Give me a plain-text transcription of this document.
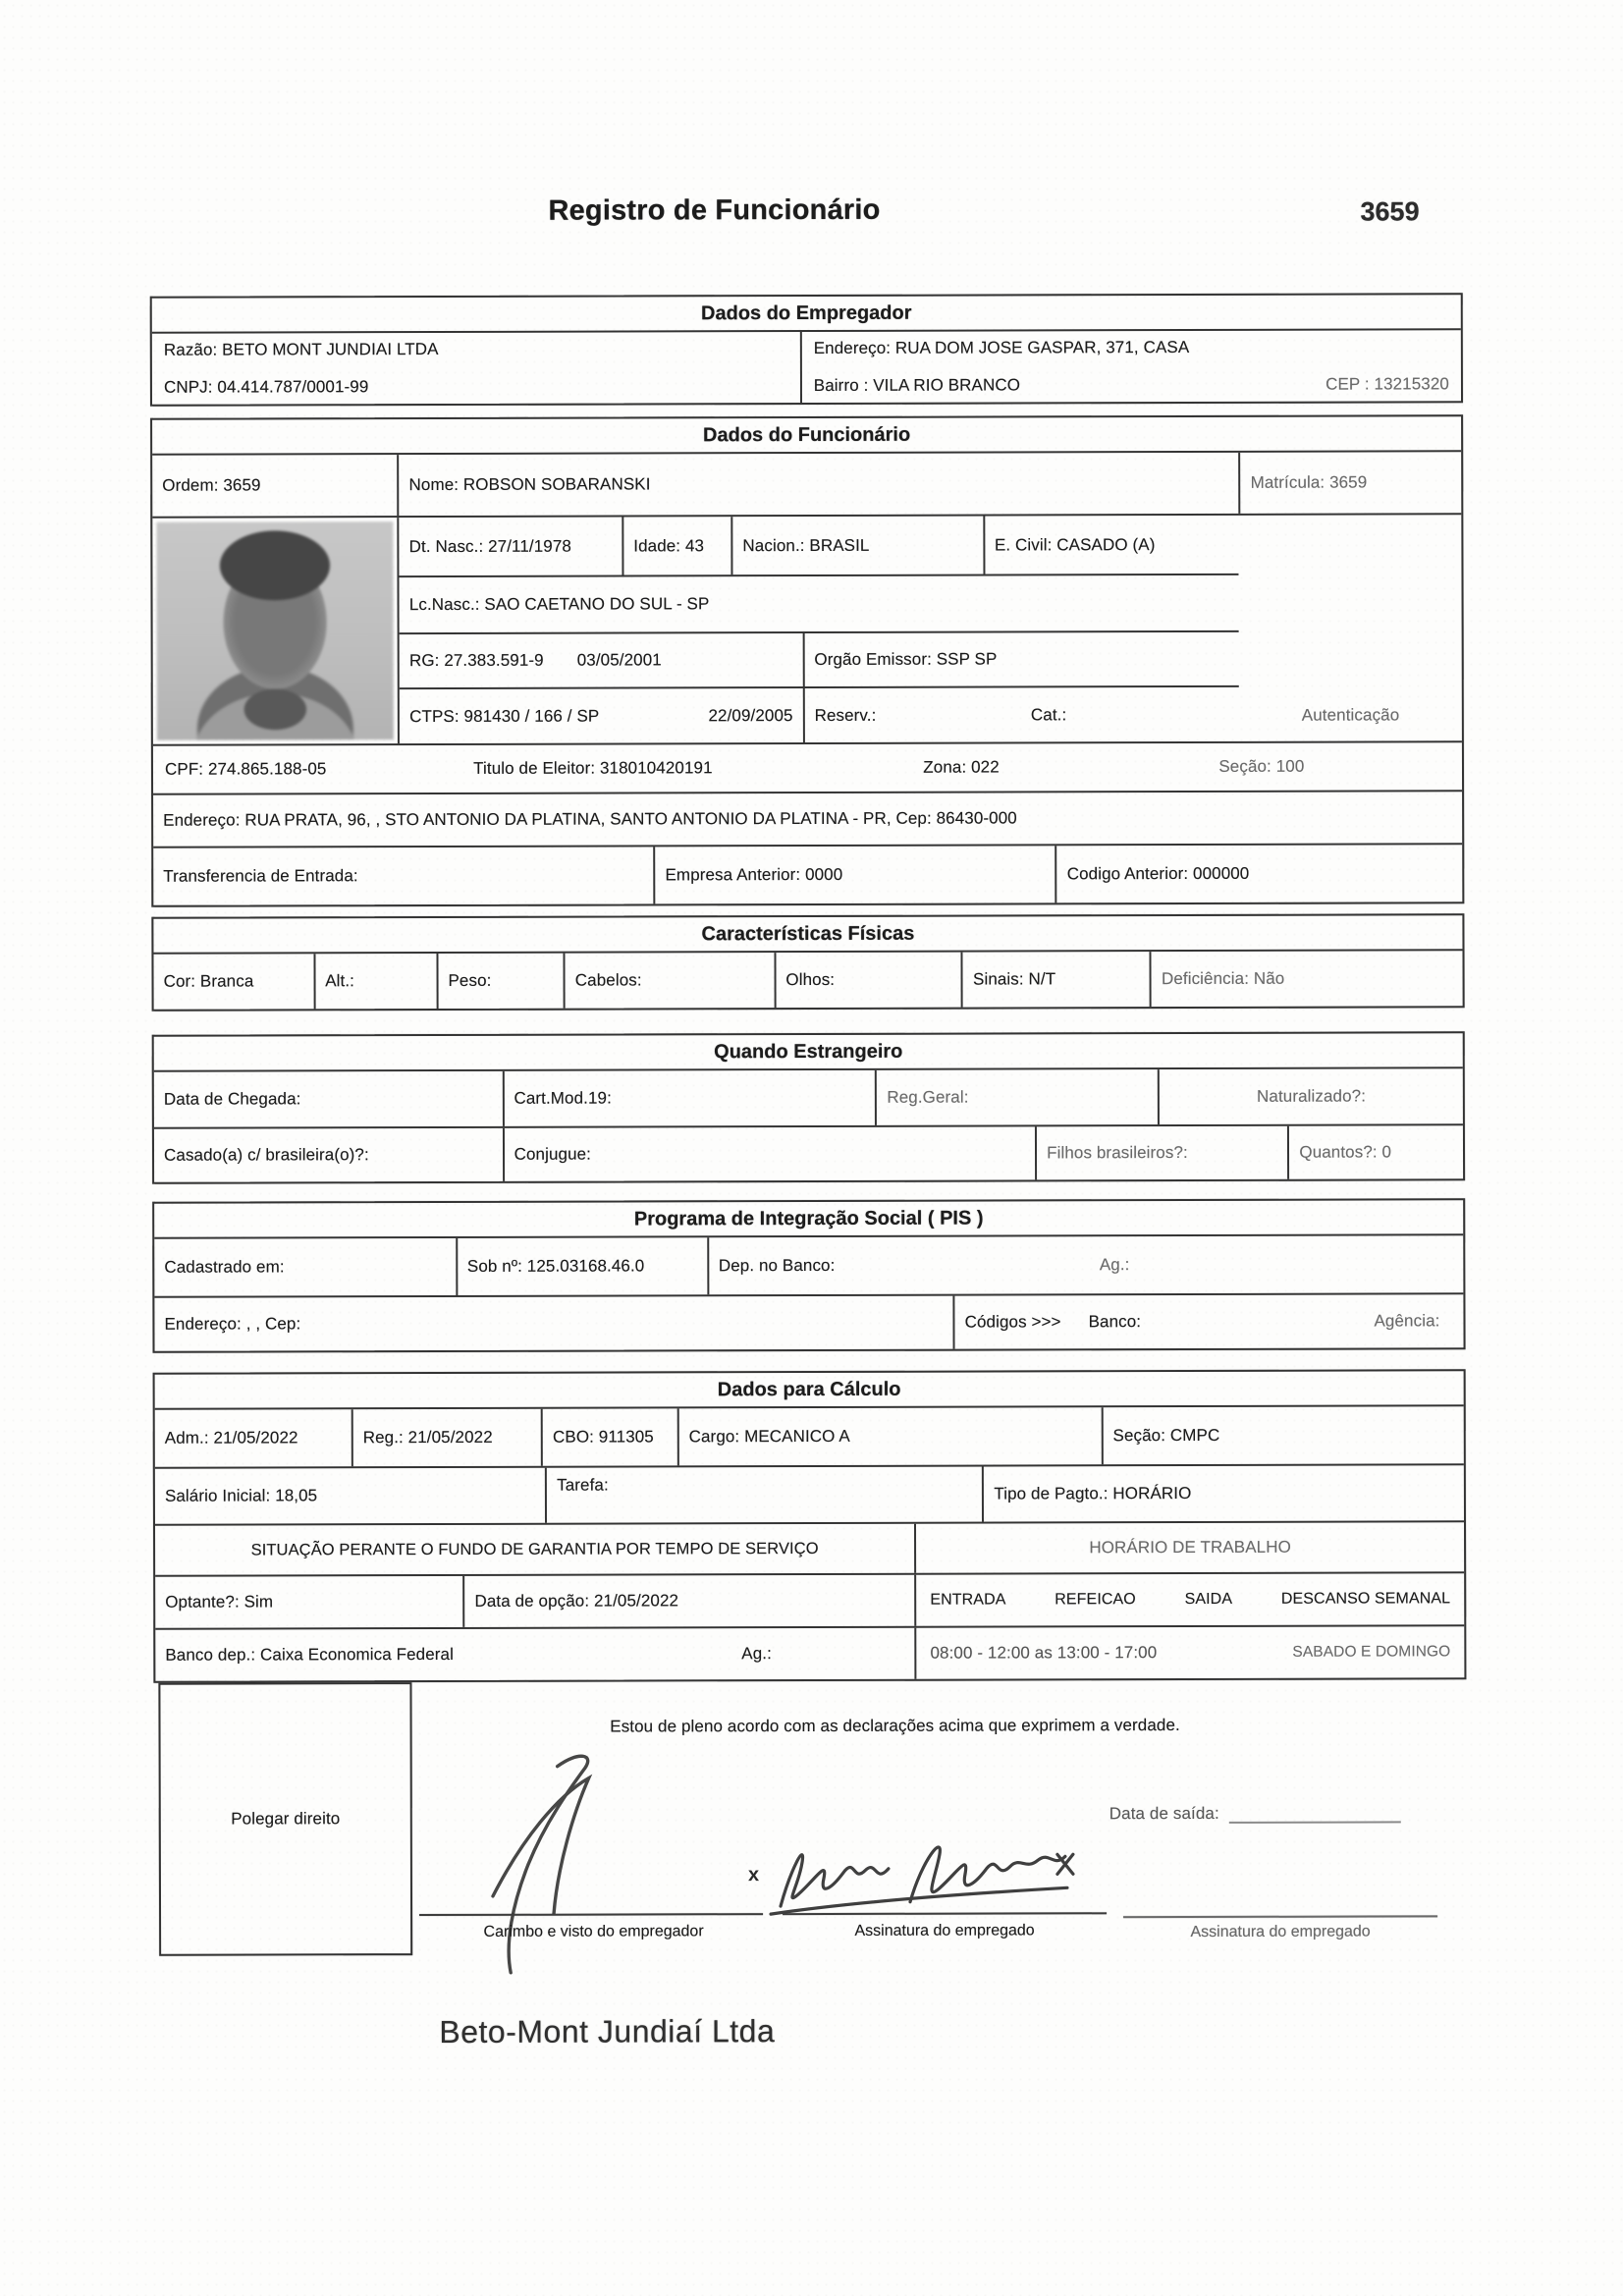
Registro de Funcionário	3659
Dados do Empregador
Razão: BETO MONT JUNDIAI LTDA
CNPJ: 04.414.787/0001-99
Endereço: RUA DOM JOSE GASPAR, 371, CASA
Bairro : VILA RIO BRANCO	CEP : 13215320
Dados do Funcionário
Ordem: 3659	Nome: ROBSON SOBARANSKI	Matrícula: 3659
Dt. Nasc.: 27/11/1978	Idade: 43 Nacion.: BRASIL	E. Civil: CASADO (A)
Lc.Nasc.: SAO CAETANO DO SUL - SP
RG: 27.383.591-9 03/05/2001	Orgão Emissor: SSP SP
CTPS: 981430 / 166 / SP	22/09/2005 Reserv.:	Cat.:	Autenticação
CPF: 274.865.188-05	Titulo de Eleitor: 318010420191	Zona: 022	Seção: 100
Endereço: RUA PRATA, 96, , STO ANTONIO DA PLATINA, SANTO ANTONIO DA PLATINA - PR, Cep: 86430-000
Transferencia de Entrada:	Empresa Anterior: 0000	Codigo Anterior: 000000
Características Físicas
Cor: Branca	Alt.:	Peso:	Cabelos:	Olhos:	Sinais: N/T	Deficiência: Não
Quando Estrangeiro
Data de Chegada:	Cart.Mod.19:	Reg.Geral:	Naturalizado?:
Casado(a) c/ brasileira(o)?:	Conjugue:	Filhos brasileiros?:	Quantos?: 0
Programa de Integração Social ( PIS )
Cadastrado em:	Sob nº: 125.03168.46.0	Dep. no Banco:	Ag.:
Endereço: , , Cep:	Códigos >>> Banco:	Agência:
Dados para Cálculo
Adm.: 21/05/2022	Reg.: 21/05/2022	CBO: 911305 Cargo: MECANICO A	Seção: CMPC
Salário Inicial: 18,05
Tarefa:	Tipo de Pagto.: HORÁRIO
SITUAÇÃO PERANTE O FUNDO DE GARANTIA POR TEMPO DE SERVIÇO	HORÁRIO DE TRABALHO
Optante?: Sim	Data de opção: 21/05/2022	ENTRADA	REFEICAO	SAIDA	DESCANSO SEMANAL
Banco dep.: Caixa Economica Federal	Ag.:	08:00 - 12:00 as 13:00 - 17:00	SABADO E DOMINGO
Polegar direito
Estou de pleno acordo com as declarações acima que exprimem a verdade.
Data de saída:
x
Carimbo e visto do empregador	Assinatura do empregado	Assinatura do empregado
Beto-Mont Jundiaí Ltda
